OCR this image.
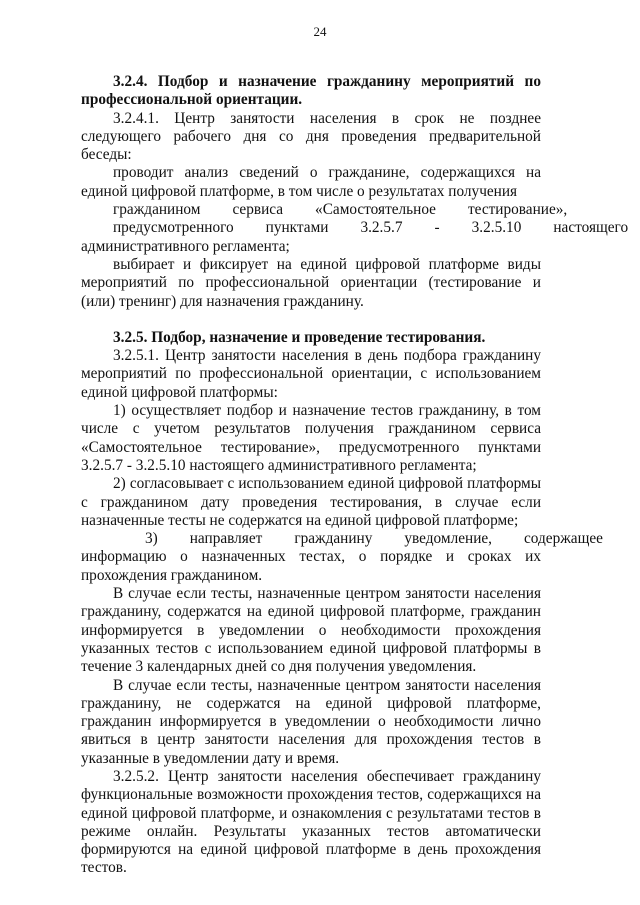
24
3.2.4. Подбор и назначение гражданину мероприятий по профессиональной ориентации.

3.2.4.1. Центр занятости населения в срок не позднее следующего рабочего дня со дня проведения предварительной беседы:

проводит анализ сведений о гражданине, содержащихся на единой цифровой платформе, в том числе о результатах получения

гражданином	сервиса	«Самостоятельное	тестирование»,

предусмотренного	пунктами	3.2.5.7	-	3.2.5.10	настоящего

административного регламента;

выбирает и фиксирует на единой цифровой платформе виды мероприятий по профессиональной ориентации (тестирование и (или) тренинг) для назначения гражданину.

3.2.5. Подбор, назначение и проведение тестирования.

3.2.5.1. Центр занятости населения в день подбора гражданину мероприятий по профессиональной ориентации, с использованием единой цифровой платформы:

1) осуществляет подбор и назначение тестов гражданину, в том числе с учетом результатов получения гражданином сервиса «Самостоятельное тестирование», предусмотренного пунктами 3.2.5.7 - 3.2.5.10 настоящего административного регламента;

2) согласовывает с использованием единой цифровой платформы с гражданином дату проведения тестирования, в случае если назначенные тесты не содержатся на единой цифровой платформе;

3)	направляет	гражданину	уведомление,	содержащее

информацию о назначенных тестах, о порядке и сроках их прохождения гражданином.

В случае если тесты, назначенные центром занятости населения гражданину, содержатся на единой цифровой платформе, гражданин информируется в уведомлении о необходимости прохождения указанных тестов с использованием единой цифровой платформы в течение 3 календарных дней со дня получения уведомления.

В случае если тесты, назначенные центром занятости населения гражданину, не содержатся на единой цифровой платформе, гражданин информируется в уведомлении о необходимости лично явиться в центр занятости населения для прохождения тестов в указанные в уведомлении дату и время.

3.2.5.2. Центр занятости населения обеспечивает гражданину функциональные возможности прохождения тестов, содержащихся на единой цифровой платформе, и ознакомления с результатами тестов в режиме онлайн. Результаты указанных тестов автоматически формируются на единой цифровой платформе в день прохождения тестов.
